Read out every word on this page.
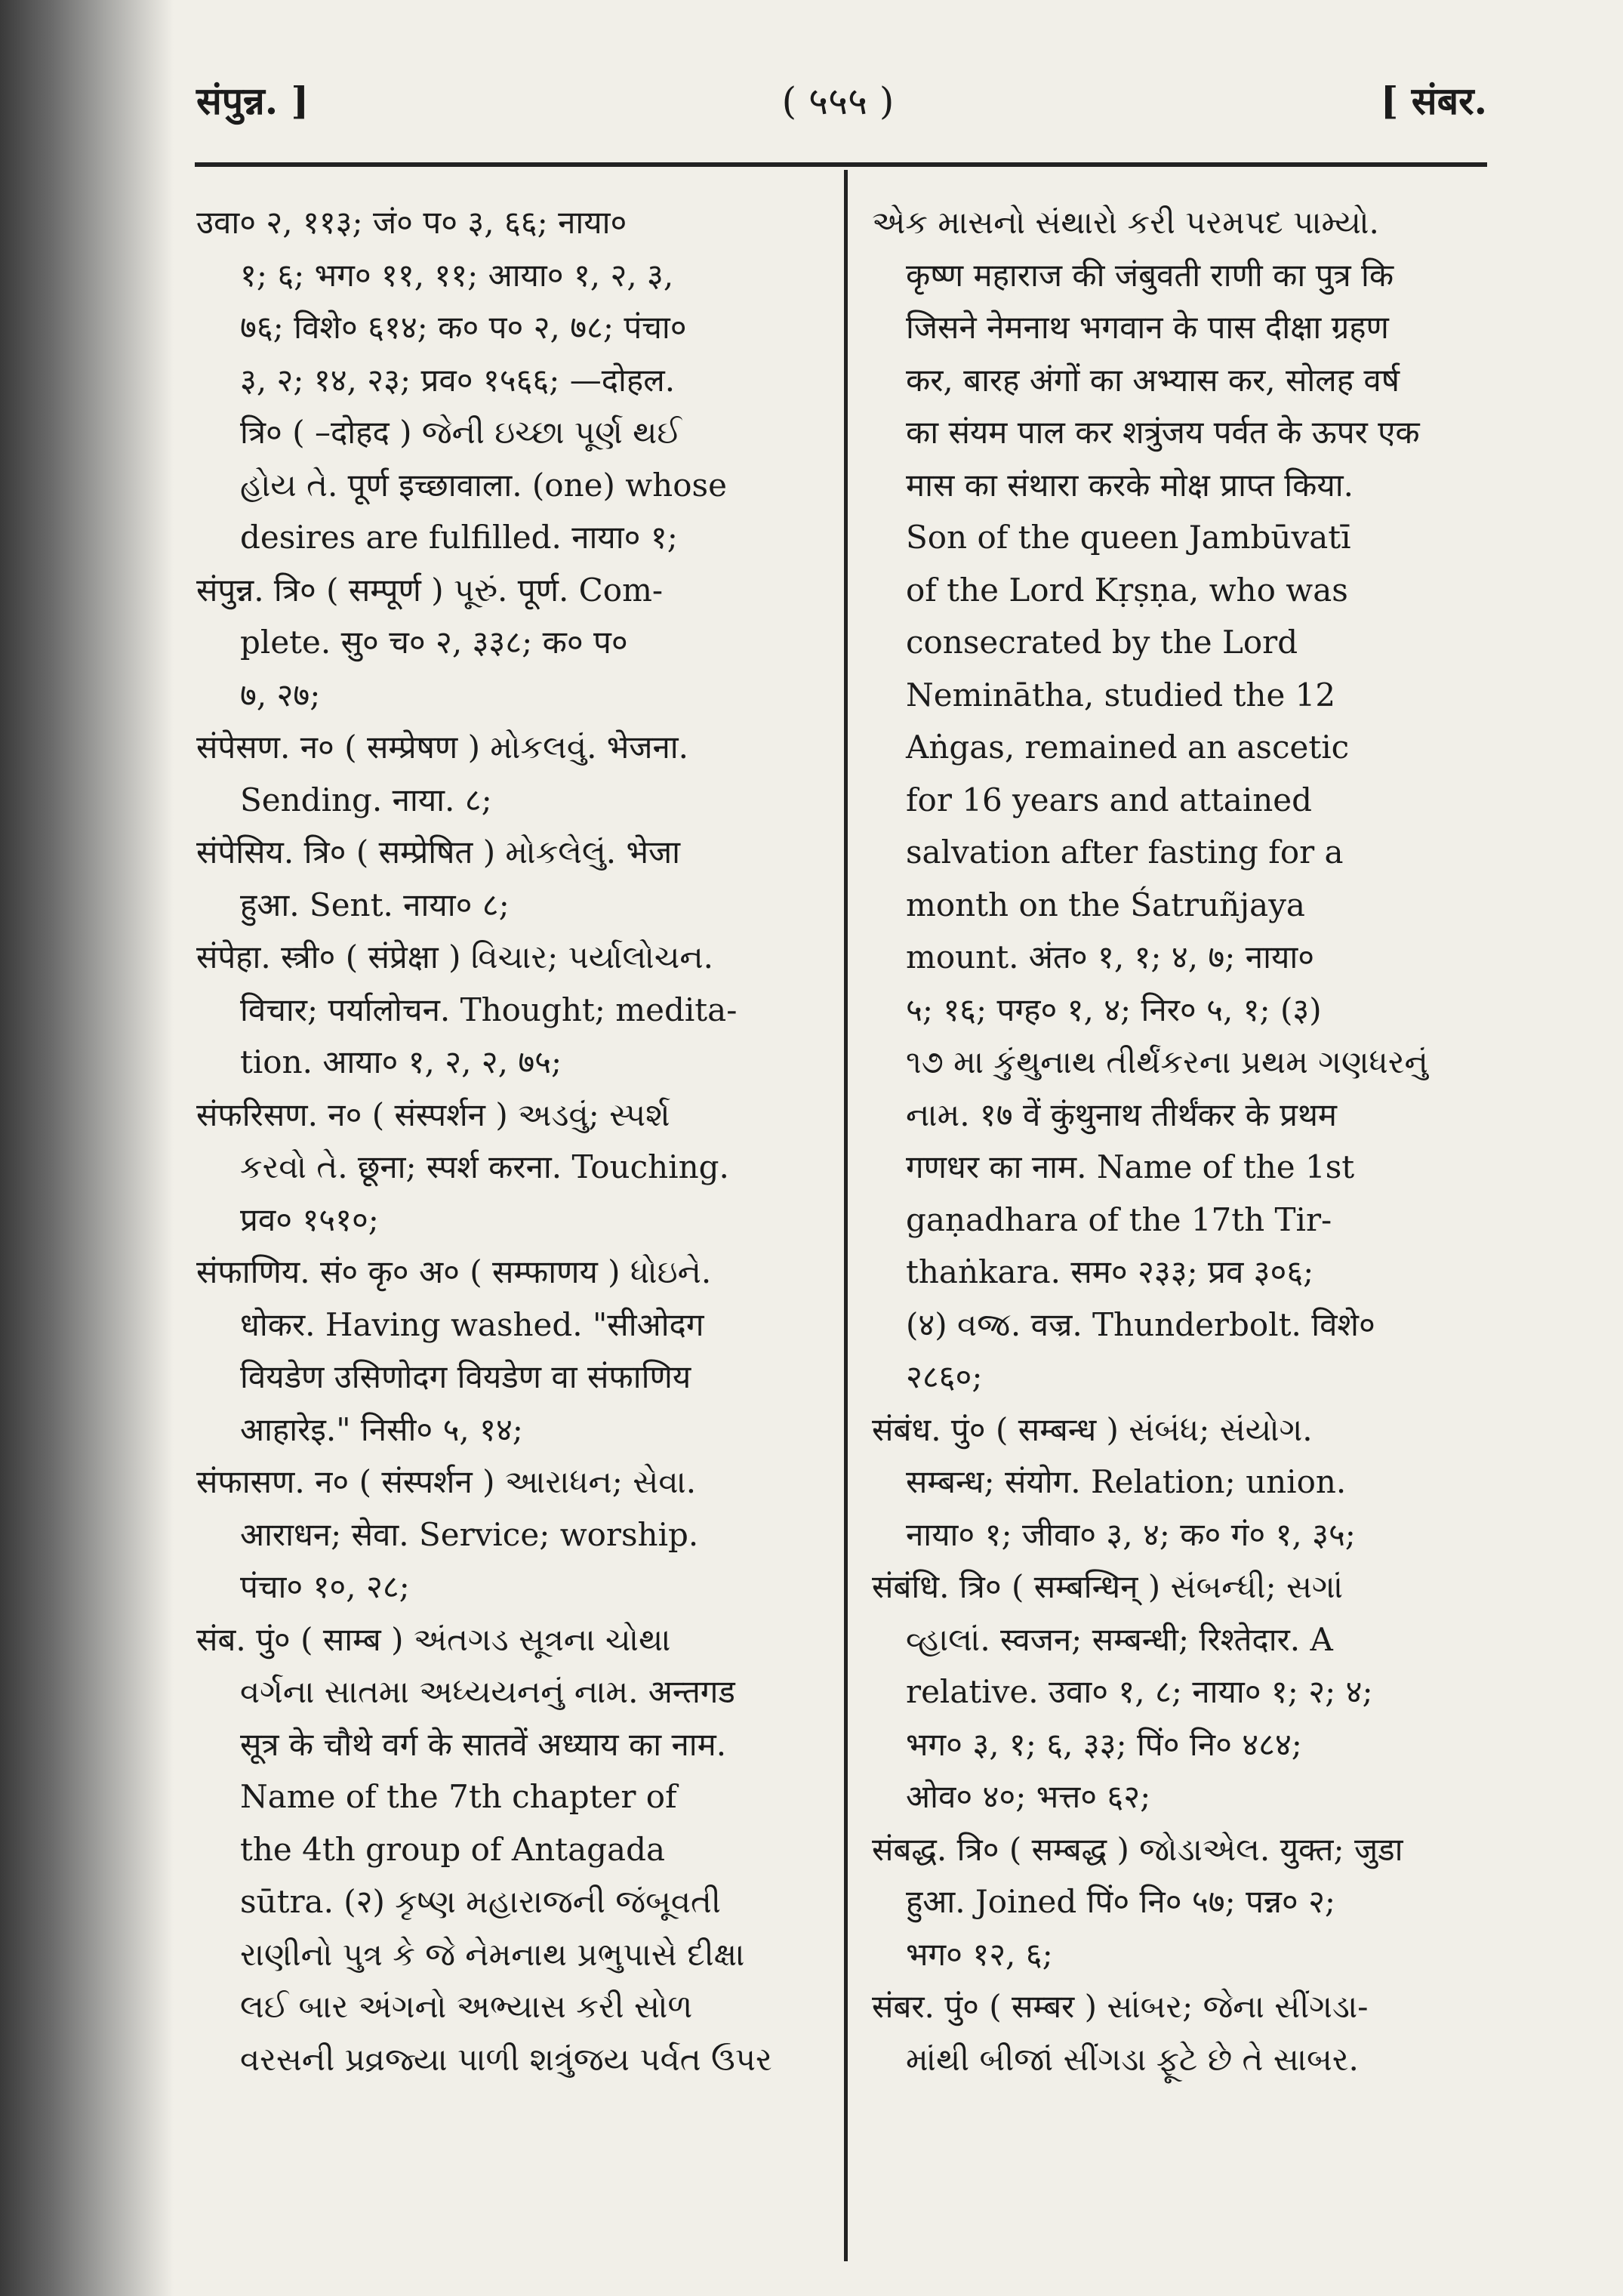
संपुन्न. ]	( ५५५ )	[ संबर.
उवा० २, ११३; जं० प० ३, ६६; नाया०
१; ६; भग० ११, ११; आया० १, २, ३,
७६; विशे० ६१४; क० प० २, ७८; पंचा०
३, २; १४, २३; प्रव० १५६६; —दोहल.
त्रि० ( –दोहद ) જેની ઇચ્છા પૂર્ણ થઈ
હોય તે. पूर्ण इच्छावाला. (one) whose
desires are fulfilled. नाया० १;
संपुन्न. त्रि० ( सम्पूर्ण ) પૂરું. पूर्ण. Com-
plete. सु० च० २, ३३८; क० प०
७, २७;
संपेसण. न० ( सम्प्रेषण ) મોકલવું. भेजना.
Sending. नाया. ८;
संपेसिय. त्रि० ( सम्प्रेषित ) મોકલેલું. भेजा
हुआ. Sent. नाया० ८;
संपेहा. स्त्री० ( संप्रेक्षा ) વિચાર; પર્યાલોચન.
विचार; पर्यालोचन. Thought; medita-
tion. आया० १, २, २, ७५;
संफरिसण. न० ( संस्पर्शन ) અડવું; સ્પર્શ
કરવો તે. छूना; स्पर्श करना. Touching.
प्रव० १५१०;
संफाणिय. सं० कृ० अ० ( सम्फाणय ) ધોઇને.
धोकर. Having washed. "सीओदग
वियडेण उसिणोदग वियडेण वा संफाणिय
आहारेइ." निसी० ५, १४;
संफासण. न० ( संस्पर्शन ) આરાધન; સેવા.
आराधन; सेवा. Service; worship.
पंचा० १०, २८;
संब. पुं० ( साम्ब ) અંતગડ સૂત્રના ચોથા
વર્ગના સાતમા અધ્યયનનું નામ. अन्तगड
सूत्र के चौथे वर्ग के सातवें अध्याय का नाम.
Name of the 7th chapter of
the 4th group of Antagada
sūtra. (२) કૃષ્ણ મહારાજની જંબૂવતી
રાણીનો પુત્ર કે જે નેમનાથ પ્રભુપાસે દીક્ષા
લઈ બાર અંગનો અભ્યાસ કરી સોળ
વરસની પ્રવ્રજ્યા પાળી શત્રુંજય પર્વત ઉપર
એક માસનો સંથારો કરી પરમપદ પામ્યો.
कृष्ण महाराज की जंबुवती राणी का पुत्र कि
जिसने नेमनाथ भगवान के पास दीक्षा ग्रहण
कर, बारह अंगों का अभ्यास कर, सोलह वर्ष
का संयम पाल कर शत्रुंजय पर्वत के ऊपर एक
मास का संथारा करके मोक्ष प्राप्त किया.
Son of the queen Jambūvatī
of the Lord Kṛṣṇa, who was
consecrated by the Lord
Neminātha, studied the 12
Aṅgas, remained an ascetic
for 16 years and attained
salvation after fasting for a
month on the Śatruñjaya
mount. अंत० १, १; ४, ७; नाया०
५; १६; पग्ह० १, ४; निर० ५, १; (३)
૧૭ મા કુંથુનાથ તીર્થંકરના પ્રથમ ગણધરનું
નામ. १७ वें कुंथुनाथ तीर्थंकर के प्रथम
गणधर का नाम. Name of the 1st
gaṇadhara of the 17th Tir-
thaṅkara. सम० २३३; प्रव ३०६;
(४) વજ્ર. वज्र. Thunderbolt. विशे०
२८६०;
संबंध. पुं० ( सम्बन्ध ) સંબંધ; સંયોગ.
सम्बन्ध; संयोग. Relation; union.
नाया० १; जीवा० ३, ४; क० गं० १, ३५;
संबंधि. त्रि० ( सम्बन्धिन् ) સંબન્ધી; સગાં
વ્હાલાં. स्वजन; सम्बन्धी; रिश्तेदार. A
relative. उवा० १, ८; नाया० १; २; ४;
भग० ३, १; ६, ३३; पिं० नि० ४८४;
ओव० ४०; भत्त० ६२;
संबद्ध. त्रि० ( सम्बद्ध ) જોડાએલ. युक्त; जुडा
हुआ. Joined पिं० नि० ५७; पन्न० २;
भग० १२, ६;
संबर. पुं० ( सम्बर ) સાંબર; જેના સીંગડા-
માંથી બીજાં સીંગડા ફૂટે છે તે સાબર.
